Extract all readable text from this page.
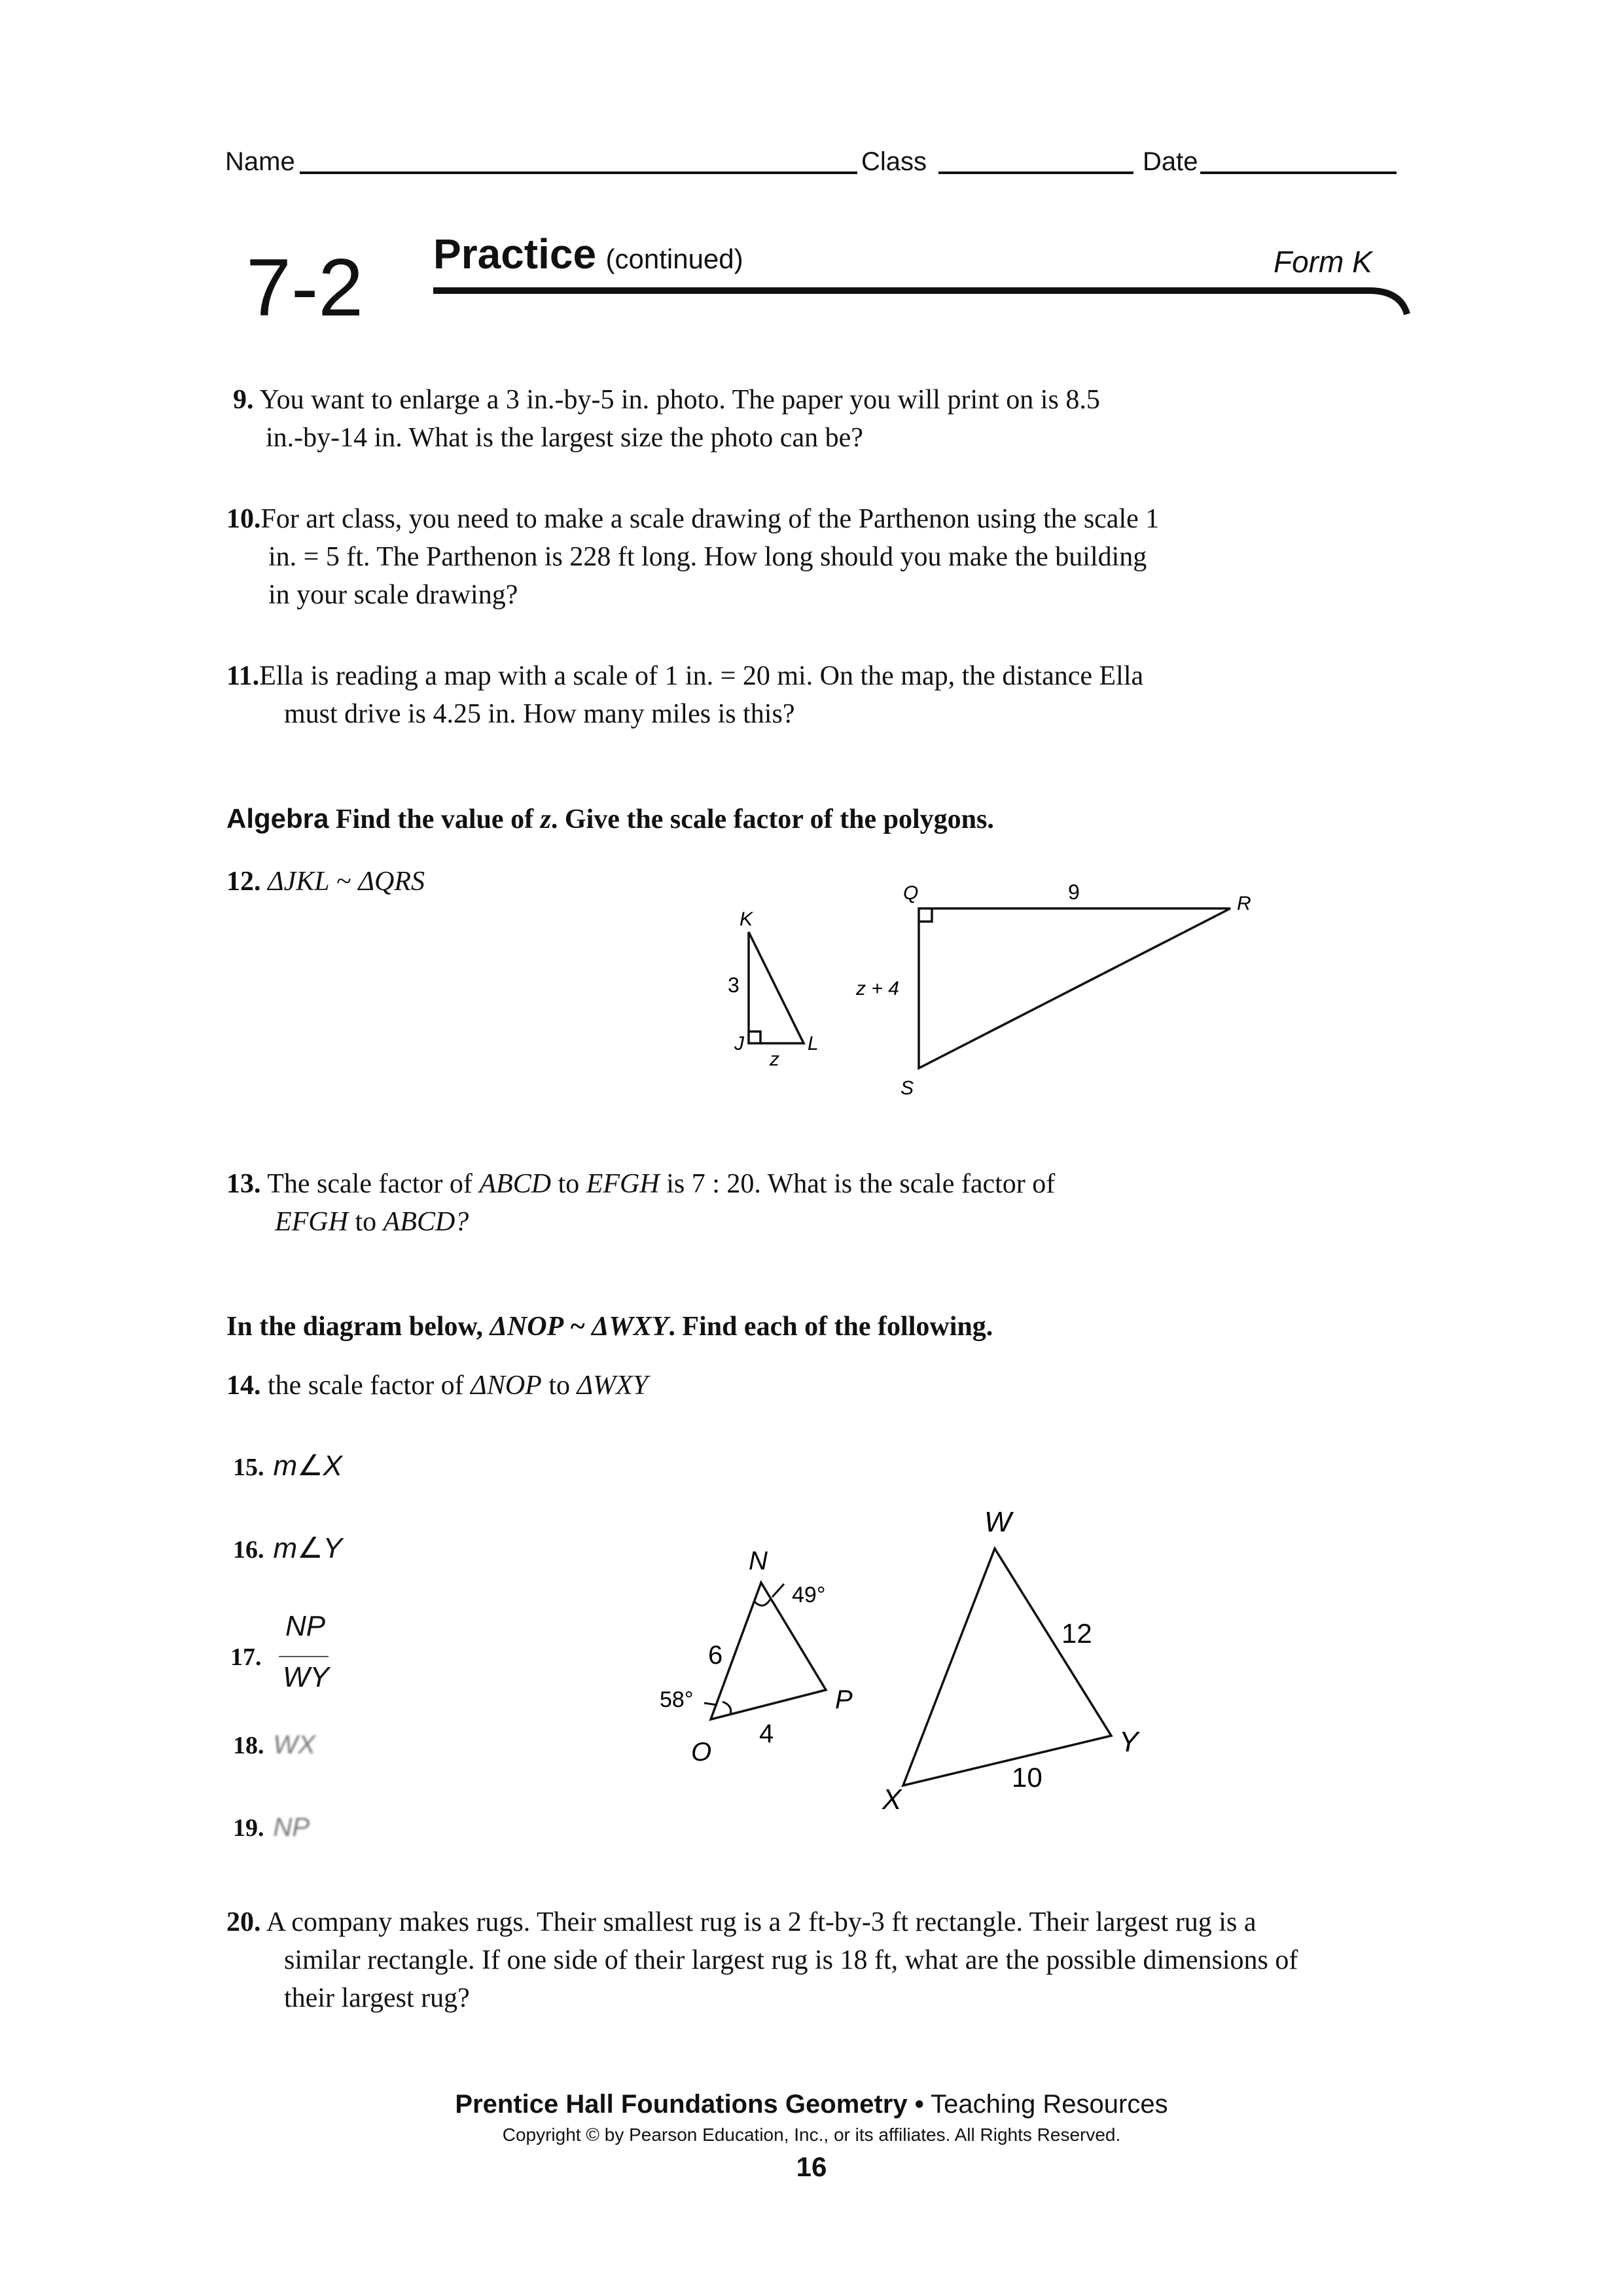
Name	Class	Date
7-2 Practice (continued)	Form K
9. You want to enlarge a 3 in.-by-5 in. photo. The paper you will print on is 8.5
in.-by-14 in. What is the largest size the photo can be?
10.For art class, you need to make a scale drawing of the Parthenon using the scale 1
in. = 5 ft. The Parthenon is 228 ft long. How long should you make the building
in your scale drawing?
11.Ella is reading a map with a scale of 1 in. = 20 mi. On the map, the distance Ella
must drive is 4.25 in. How many miles is this?
Algebra Find the value of z. Give the scale factor of the polygons.
12. ΔJKL ~ ΔQRS
K
J	L
3
z
Q	R
S
9
z + 4
13. The scale factor of ABCD to EFGH is 7 : 20. What is the scale factor of
EFGH to ABCD?
In the diagram below, ΔNOP ~ ΔWXY. Find each of the following.
14. the scale factor of ΔNOP to ΔWXY
15. m∠X
16. m∠Y
17.
NP
WY
18. WX
19. NP
N
O
P
49°
58°
6
4
W
X
Y
12
10
20. A company makes rugs. Their smallest rug is a 2 ft-by-3 ft rectangle. Their largest rug is a
similar rectangle. If one side of their largest rug is 18 ft, what are the possible dimensions of
their largest rug?
Prentice Hall Foundations Geometry • Teaching Resources
Copyright © by Pearson Education, Inc., or its affiliates. All Rights Reserved.
16
